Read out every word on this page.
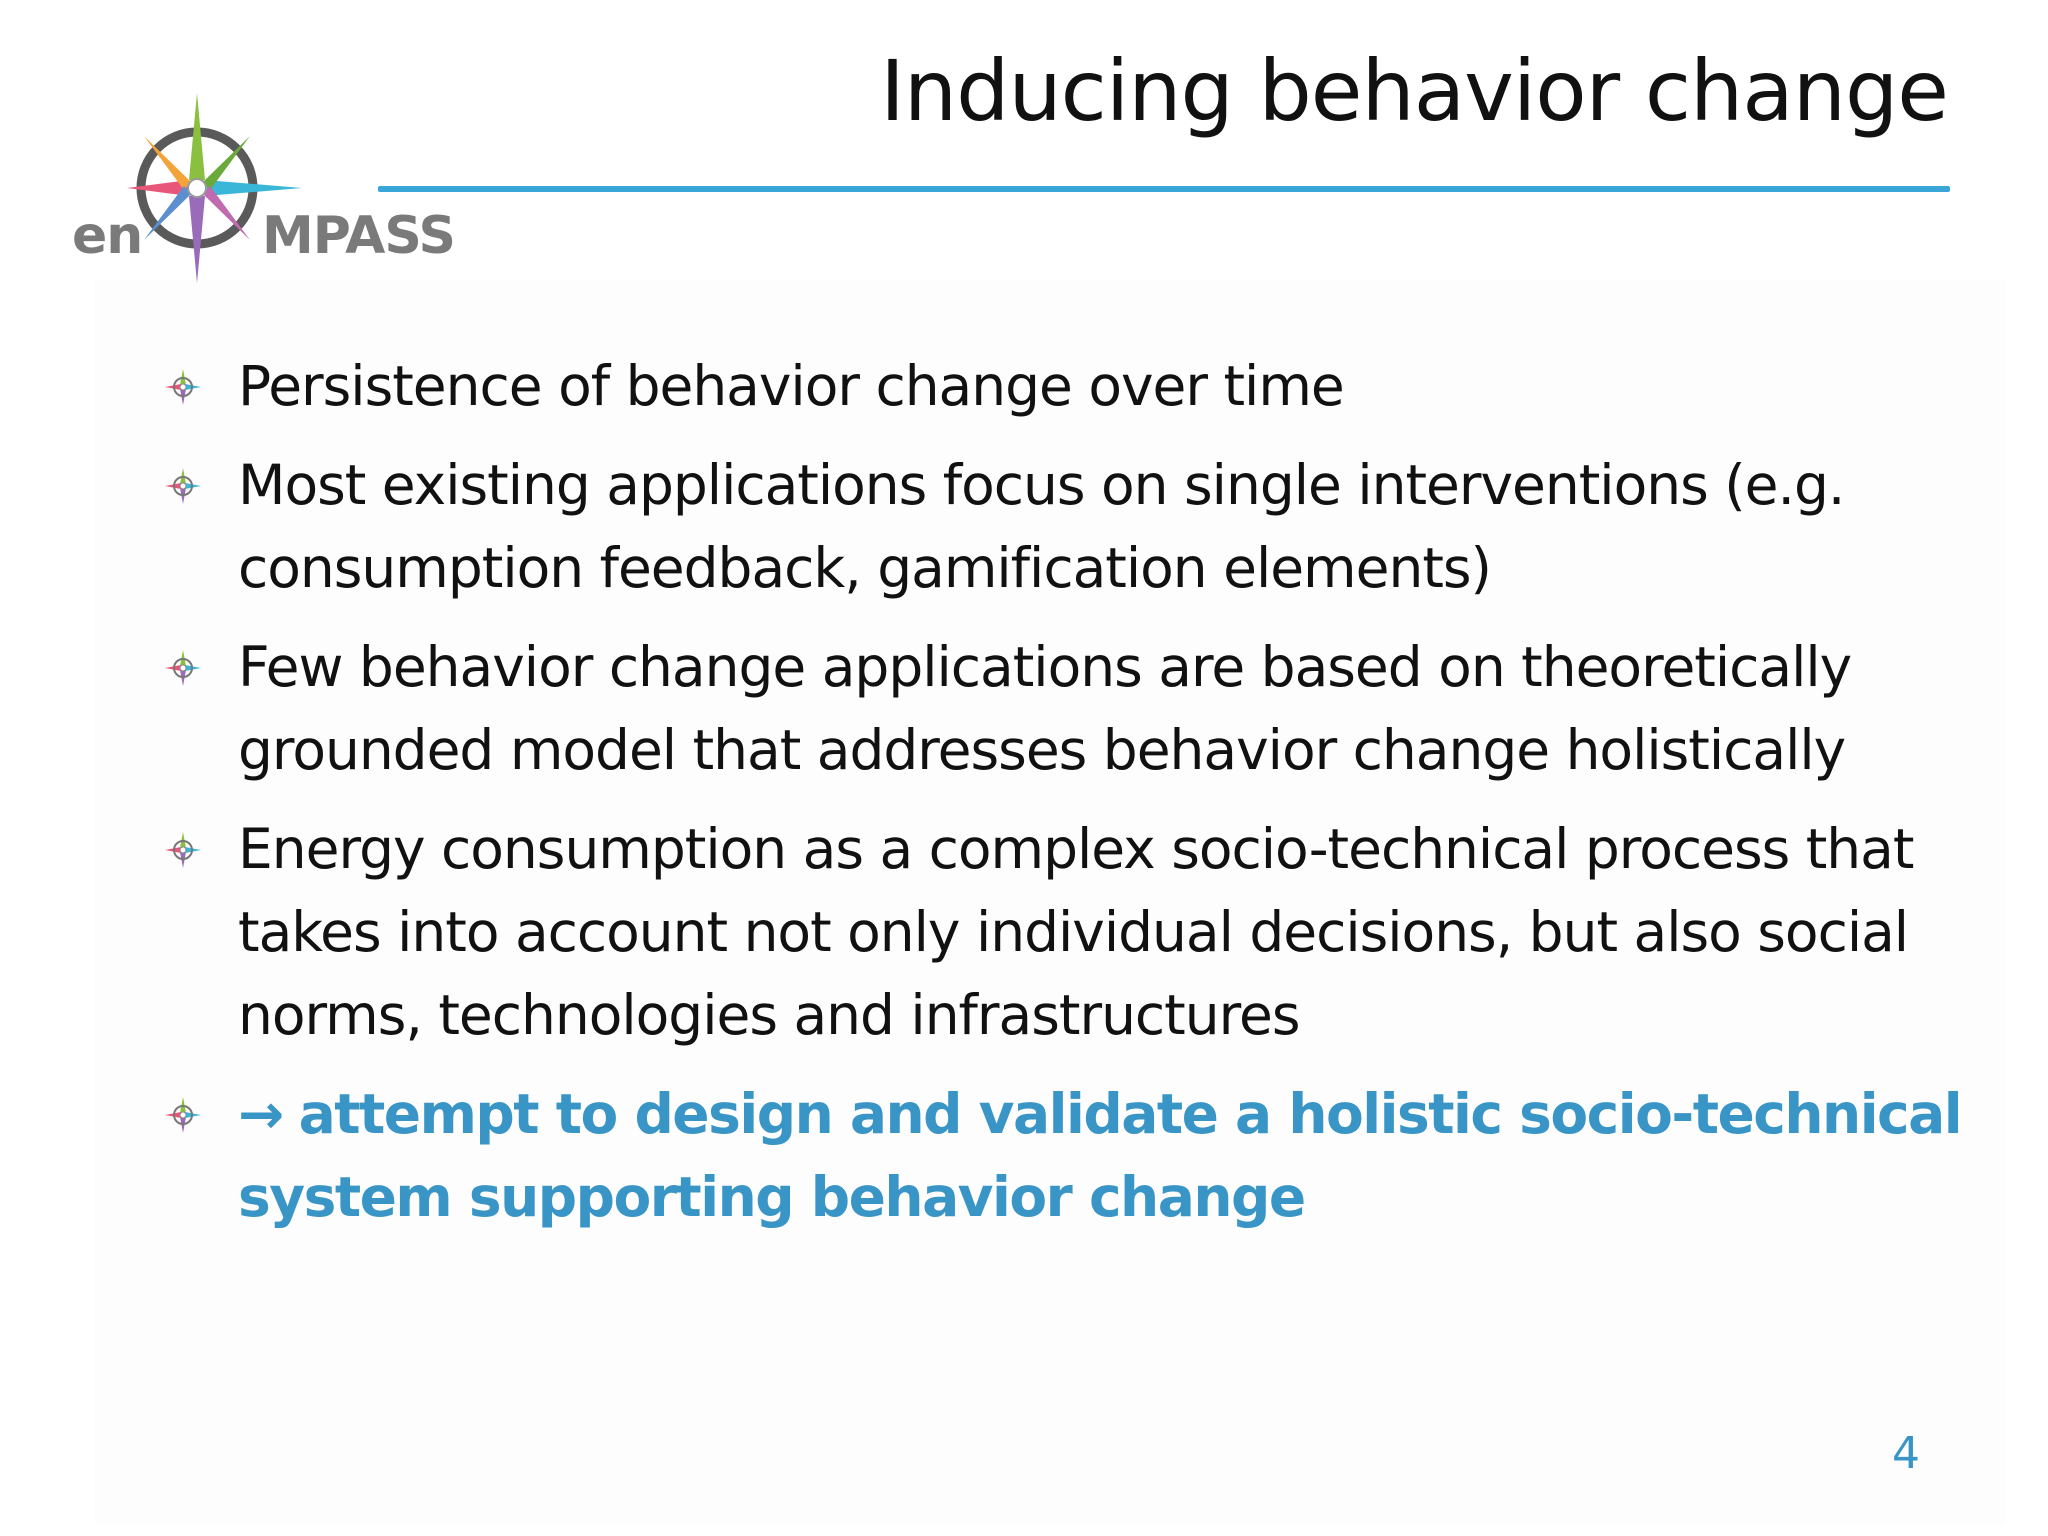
en MPASS
Inducing behavior change
Persistence of behavior change over time
Most existing applications focus on single interventions (e.g. consumption feedback, gamification elements)
Few behavior change applications are based on theoretically grounded model that addresses behavior change holistically
Energy consumption as a complex socio-technical process that takes into account not only individual decisions, but also social norms, technologies and infrastructures
→ attempt to design and validate a holistic socio-technical system supporting behavior change
4
